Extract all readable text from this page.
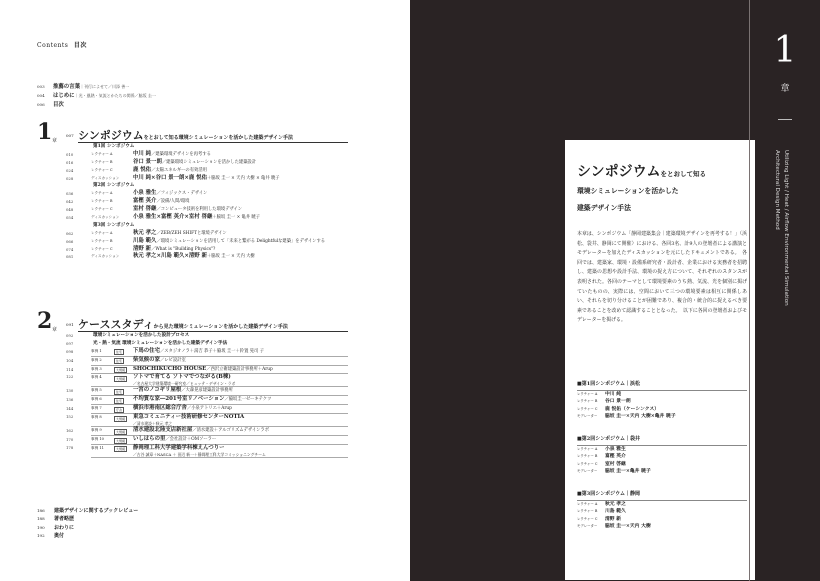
Contents 目次
003 推薦の言葉｜刊行によせて／川添 善一
004 はじめに｜光・風熱・気流とかたちの関係／脇坂 圭一
006 目次
1 章
007 シンポジウムをとおして知る環境シミュレーションを活かした建築デザイン手法
第1回 シンポジウム
010	レクチャー A	中川 純／建築環境デザインを再考する
016	レクチャー B	谷口 景一朗／建築環境シミュレーションを活かした建築設計
024	レクチャー C	鹿 悦佑／太陽エネルギーの有効活用
028	ディスカッション	中川 純×谷口 景一朗×鹿 悦佑＋脇坂 圭一 × 天内 大樹 × 亀井 暁子
第2回 シンポジウム
036	レクチャー A	小泉 雅生／フィジックス・デザイン
042	レクチャー B	富樫 英介／設備/人間/環境
048	レクチャー C	室村 啓継／コンピュータ技術を利用した環境デザイン
054	ディスカッション	小泉 雅生×富樫 英介×室村 啓継＋脇坂 圭一 × 亀井 暁子
第3回 シンポジウム
062	レクチャー A	秋元 孝之／ZEB/ZEH SHIFTと環境デザイン
066	レクチャー B	川島 範久／環境シミュレーションを活用して「未来と繋がる Delightfulな建築」をデザインする
074	レクチャー C	清野 新／What is "Building Physics"?
081	ディスカッション	秋元 孝之×川島 範久×清野 新＋脇坂 圭一 × 天内 大樹
2 章
091 ケーススタディから見た環境シミュレーションを活かした建築デザイン手法
092	環境シミュレーションを活かした設計プロセス
097	光・熱・気流 環境シミュレーションを活かした建築デザイン手法
098	事例 1	住宅	下馬の住宅／スタジオノラ＋湯吉 恭子＋脇坂 圭一＋鈴置 晃司 子
104	事例 2	住宅	柴気候の家／レビ設計室
114	事例 3	大規模	SHOCHIKUCHO HOUSE／西沢立衛建築設計事務所＋Arup
122	事例 4	大規模	ソトマで育てる ソトマでつながる(B棟)
／名古屋大学建築環境一研究室／ヒュッテ・デザイン・ラボ
130	事例 5	住宅	一宮のノコギリ屋根／大森晃彦建築設計事務所
136	事例 6	住宅	不均質な家―201号室リノベーション／脇坂圭一ゼーキテクツ
144	事例 7	庁舎	横浜市港南区総合庁舎／小泉アトリエ＋Arup
152	事例 8	大規模	東急コミュニティー技術研修センターNOTIA
／清水建設＋秋元 孝之
162	事例 9	大規模	清水建設北陸支店新社屋／清水建設＋アルゴリズムデザインラボ
170	事例 10	大規模	いしはらの里／会社設計＋OMソーラー
178	事例 11	大規模	静岡理工科大学建築学科棟えんつりー
／古谷 誠章＋NASCA ＋ 田辺 新一＋静岡理工科大学コミッショニングチーム
186 建築デザインに関するブックレビュー
188 著者略歴
190 おわりに
192 奥付
シンポジウムをとおして知る
環境シミュレーションを活かした
建築デザイン手法
本章は、シンポジウム「静岡建築集会｜建築環境デザインを再考する！」（浜松、袋井、静岡にて開催）における、各回3名、計9人の登壇者による講演とモデレーターを加えたディスカッションを元にしたドキュメントである。　各回では、建築家、環境・設備系研究者・設計者、企業における実務者を招聘し、建築の思想や設計手法、環境の捉え方について、それぞれのスタンスが表明された。各回のテーマとして環境要素のうち熱、気流、光を個別に掲げていたものの、実際には、空間において三つの環境要素は相互に関係しあい、それらを切り分けることが困難であり、複合的・統合的に捉えるべき要素であることを改めて認識することとなった。　以下に各回の登壇者およびモデレーターを掲げる。
■第1回シンポジウム｜浜松
レクチャー A 中川 純
レクチャー B 谷口 景一朗
レクチャー C 鹿 悦佑（ケーシンクス）
モデレーター 脇坂 圭一×天内 大樹×亀井 暁子
■第2回シンポジウム｜袋井
レクチャー A 小泉 雅生
レクチャー B 富樫 英介
レクチャー C 室村 啓継
モデレーター 脇坂 圭一×亀井 暁子
■第3回シンポジウム｜静岡
レクチャー A 秋元 孝之
レクチャー B 川島 範久
レクチャー C 清野 新
モデレーター 脇坂 圭一×天内 大樹
1
章
Architectural Design Method Utilizing Light / Heat / Airflow Environmental Simulation
